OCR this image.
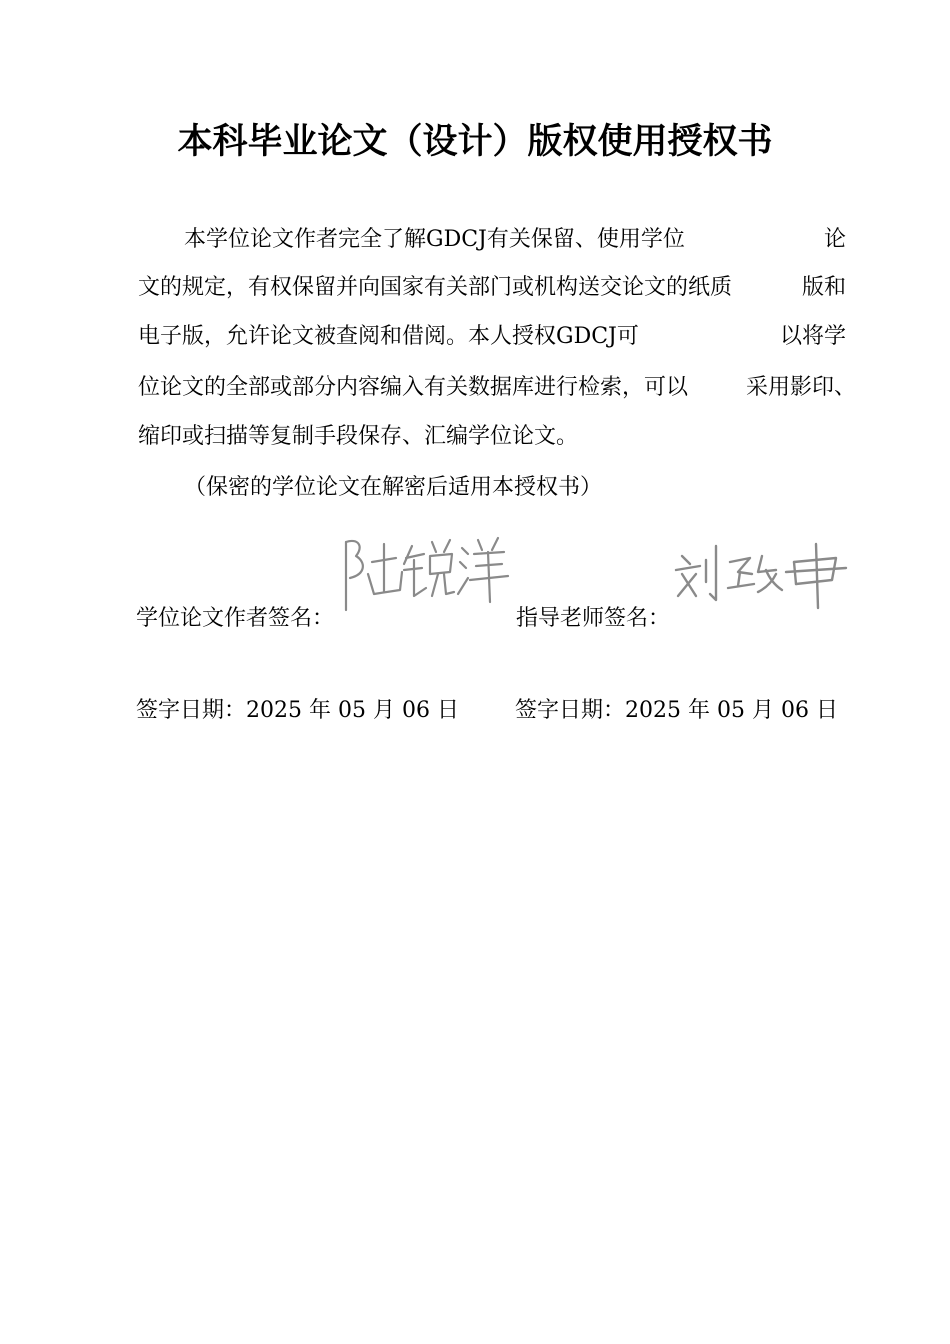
本科毕业论文（设计）版权使用授权书
本学位论文作者完全了解GDCJ有关保留、使用学位	论
文的规定，有权保留并向国家有关部门或机构送交论文的纸质	版和
电子版，允许论文被查阅和借阅。本人授权GDCJ可	以将学
位论文的全部或部分内容编入有关数据库进行检索，可以	采用影印、
缩印或扫描等复制手段保存、汇编学位论文。
（保密的学位论文在解密后适用本授权书）
学位论文作者签名：	指导老师签名：
签字日期：2025 年 05 月 06 日	签字日期：2025 年 05 月 06 日
